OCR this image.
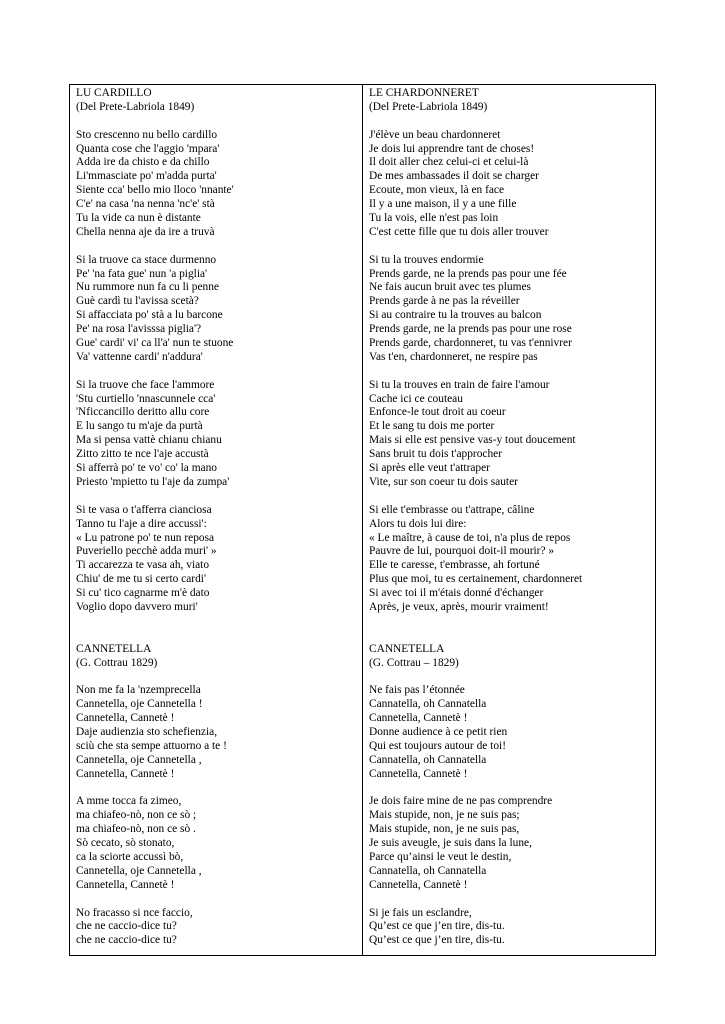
LU CARDILLO
(Del Prete-Labriola 1849)
Sto crescenno nu bello cardillo
Quanta cose che l'aggio 'mpara'
Adda ire da chisto e da chillo
Li'mmasciate po' m'adda purta'
Siente cca' bello mio lloco 'nnante'
C'e' na casa 'na nenna 'nc'e' stà
Tu la vide ca nun è distante
Chella nenna aje da ire a truvà
Si la truove ca stace durmenno
Pe' 'na fata gue' nun 'a piglia'
Nu rummore nun fa cu li penne
Guè cardì tu l'avissa scetà?
Si affacciata po' stà a lu barcone
Pe' na rosa l'avisssa piglia'?
Gue' cardi' vi' ca ll'a' nun te stuone
Va' vattenne cardi' n'addura'
Si la truove che face l'ammore
'Stu curtiello 'nnascunnele cca'
'Nficcancillo deritto allu core
E lu sango tu m'aje da purtà
Ma si pensa vattè chianu chianu
Zitto zitto te nce l'aje accustà
Si afferrà po' te vo' co' la mano
Priesto 'mpietto tu l'aje da zumpa'
Si te vasa o t'afferra cianciosa
Tanno tu l'aje a dire accussi':
« Lu patrone po' te nun reposa
Puveriello pecchè adda muri' »
Ti accarezza te vasa ah, viato
Chiu' de me tu si certo cardi'
Si cu' tico cagnarme m'è dato
Voglio dopo davvero muri'
CANNETELLA
(G. Cottrau 1829)
Non me fa la 'nzemprecella
Cannetella, oje Cannetella !
Cannetella, Cannetè !
Daje audienzia sto schefienzia,
sciù che sta sempe attuorno a te !
Cannetella, oje Cannetella ,
Cannetella, Cannetè !
A mme tocca fa zimeo,
ma chiafeo-nò, non ce sò ;
ma chiafeo-nò, non ce sò .
Sò cecato, sò stonato,
ca la sciorte accussì bò,
Cannetella, oje Cannetella ,
Cannetella, Cannetè !
No fracasso si nce faccio,
che ne caccio-dice tu?
che ne caccio-dice tu?
LE CHARDONNERET
(Del Prete-Labriola 1849)
J'élève un beau chardonneret
Je dois lui apprendre tant de choses!
Il doit aller chez celui-ci et celui-là
De mes ambassades il doit se charger
Ecoute, mon vieux, là en face
Il y a une maison, il y a une fille
Tu la vois, elle n'est pas loin
C'est cette fille que tu dois aller trouver
Si tu la trouves endormie
Prends garde, ne la prends pas pour une fée
Ne fais aucun bruit avec tes plumes
Prends garde à ne pas la réveiller
Si au contraire tu la trouves au balcon
Prends garde, ne la prends pas pour une rose
Prends garde, chardonneret, tu vas t'ennivrer
Vas t'en, chardonneret, ne respire pas
Si tu la trouves en train de faire l'amour
Cache ici ce couteau
Enfonce-le tout droit au coeur
Et le sang tu dois me porter
Mais si elle est pensive vas-y tout doucement
Sans bruit tu dois t'approcher
Si après elle veut t'attraper
Vite, sur son coeur tu dois sauter
Si elle t'embrasse ou t'attrape, câline
Alors tu dois lui dire:
« Le maître, à cause de toi, n'a plus de repos
Pauvre de lui, pourquoi doit-il mourir? »
Elle te caresse, t'embrasse, ah fortuné
Plus que moi, tu es certainement, chardonneret
Si avec toi il m'étais donné d'échanger
Après, je veux, après, mourir vraiment!
CANNETELLA
(G. Cottrau – 1829)
Ne fais pas l’étonnée
Cannatella, oh Cannatella
Cannetella, Cannetè !
Donne audience à ce petit rien
Qui est toujours autour de toi!
Cannatella, oh Cannatella
Cannetella, Cannetè !
Je dois faire mine de ne pas comprendre
Mais stupide, non, je ne suis pas;
Mais stupide, non, je ne suis pas,
Je suis aveugle, je suis dans la lune,
Parce qu’ainsi le veut le destin,
Cannatella, oh Cannatella
Cannetella, Cannetè !
Si je fais un esclandre,
Qu’est ce que j’en tire, dis-tu.
Qu’est ce que j’en tire, dis-tu.
